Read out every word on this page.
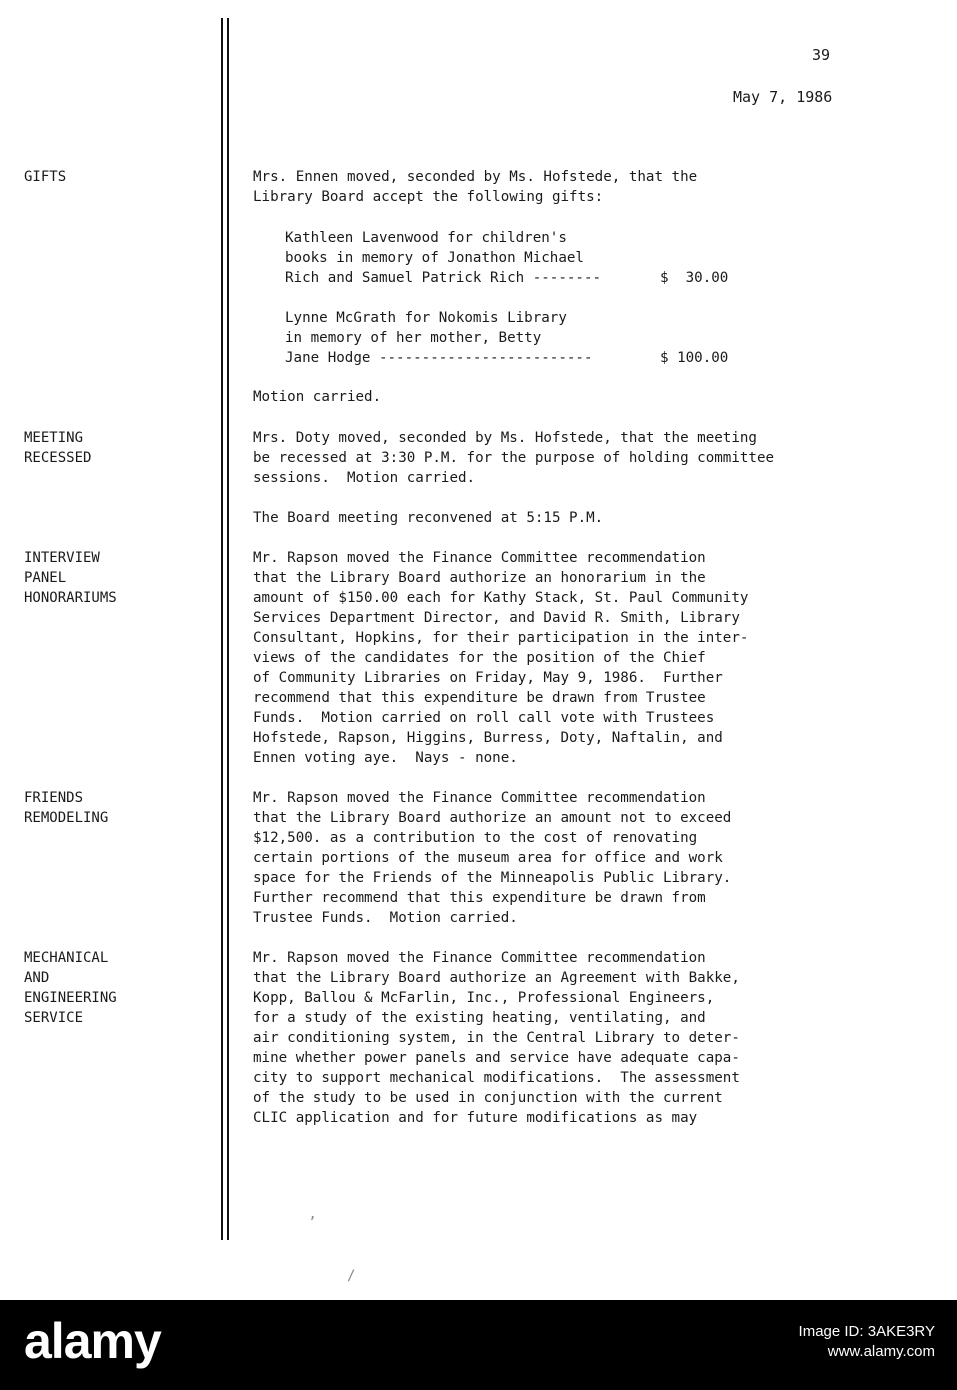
39
May 7, 1986
GIFTS	Mrs. Ennen moved, seconded by Ms. Hofstede, that the
Library Board accept the following gifts:
Kathleen Lavenwood for children's
books in memory of Jonathon Michael
Rich and Samuel Patrick Rich --------	$  30.00
Lynne McGrath for Nokomis Library
in memory of her mother, Betty
Jane Hodge -------------------------	$ 100.00
Motion carried.
MEETING
RECESSED
Mrs. Doty moved, seconded by Ms. Hofstede, that the meeting
be recessed at 3:30 P.M. for the purpose of holding committee
sessions.  Motion carried.
The Board meeting reconvened at 5:15 P.M.
INTERVIEW
PANEL
HONORARIUMS
Mr. Rapson moved the Finance Committee recommendation
that the Library Board authorize an honorarium in the
amount of $150.00 each for Kathy Stack, St. Paul Community
Services Department Director, and David R. Smith, Library
Consultant, Hopkins, for their participation in the inter-
views of the candidates for the position of the Chief
of Community Libraries on Friday, May 9, 1986.  Further
recommend that this expenditure be drawn from Trustee
Funds.  Motion carried on roll call vote with Trustees
Hofstede, Rapson, Higgins, Burress, Doty, Naftalin, and
Ennen voting aye.  Nays - none.
FRIENDS
REMODELING
Mr. Rapson moved the Finance Committee recommendation
that the Library Board authorize an amount not to exceed
$12,500. as a contribution to the cost of renovating
certain portions of the museum area for office and work
space for the Friends of the Minneapolis Public Library.
Further recommend that this expenditure be drawn from
Trustee Funds.  Motion carried.
MECHANICAL
AND
ENGINEERING
SERVICE
Mr. Rapson moved the Finance Committee recommendation
that the Library Board authorize an Agreement with Bakke,
Kopp, Ballou & McFarlin, Inc., Professional Engineers,
for a study of the existing heating, ventilating, and
air conditioning system, in the Central Library to deter-
mine whether power panels and service have adequate capa-
city to support mechanical modifications.  The assessment
of the study to be used in conjunction with the current
CLIC application and for future modifications as may
’
/
alamy	Image ID: 3AKE3RY
www.alamy.com
